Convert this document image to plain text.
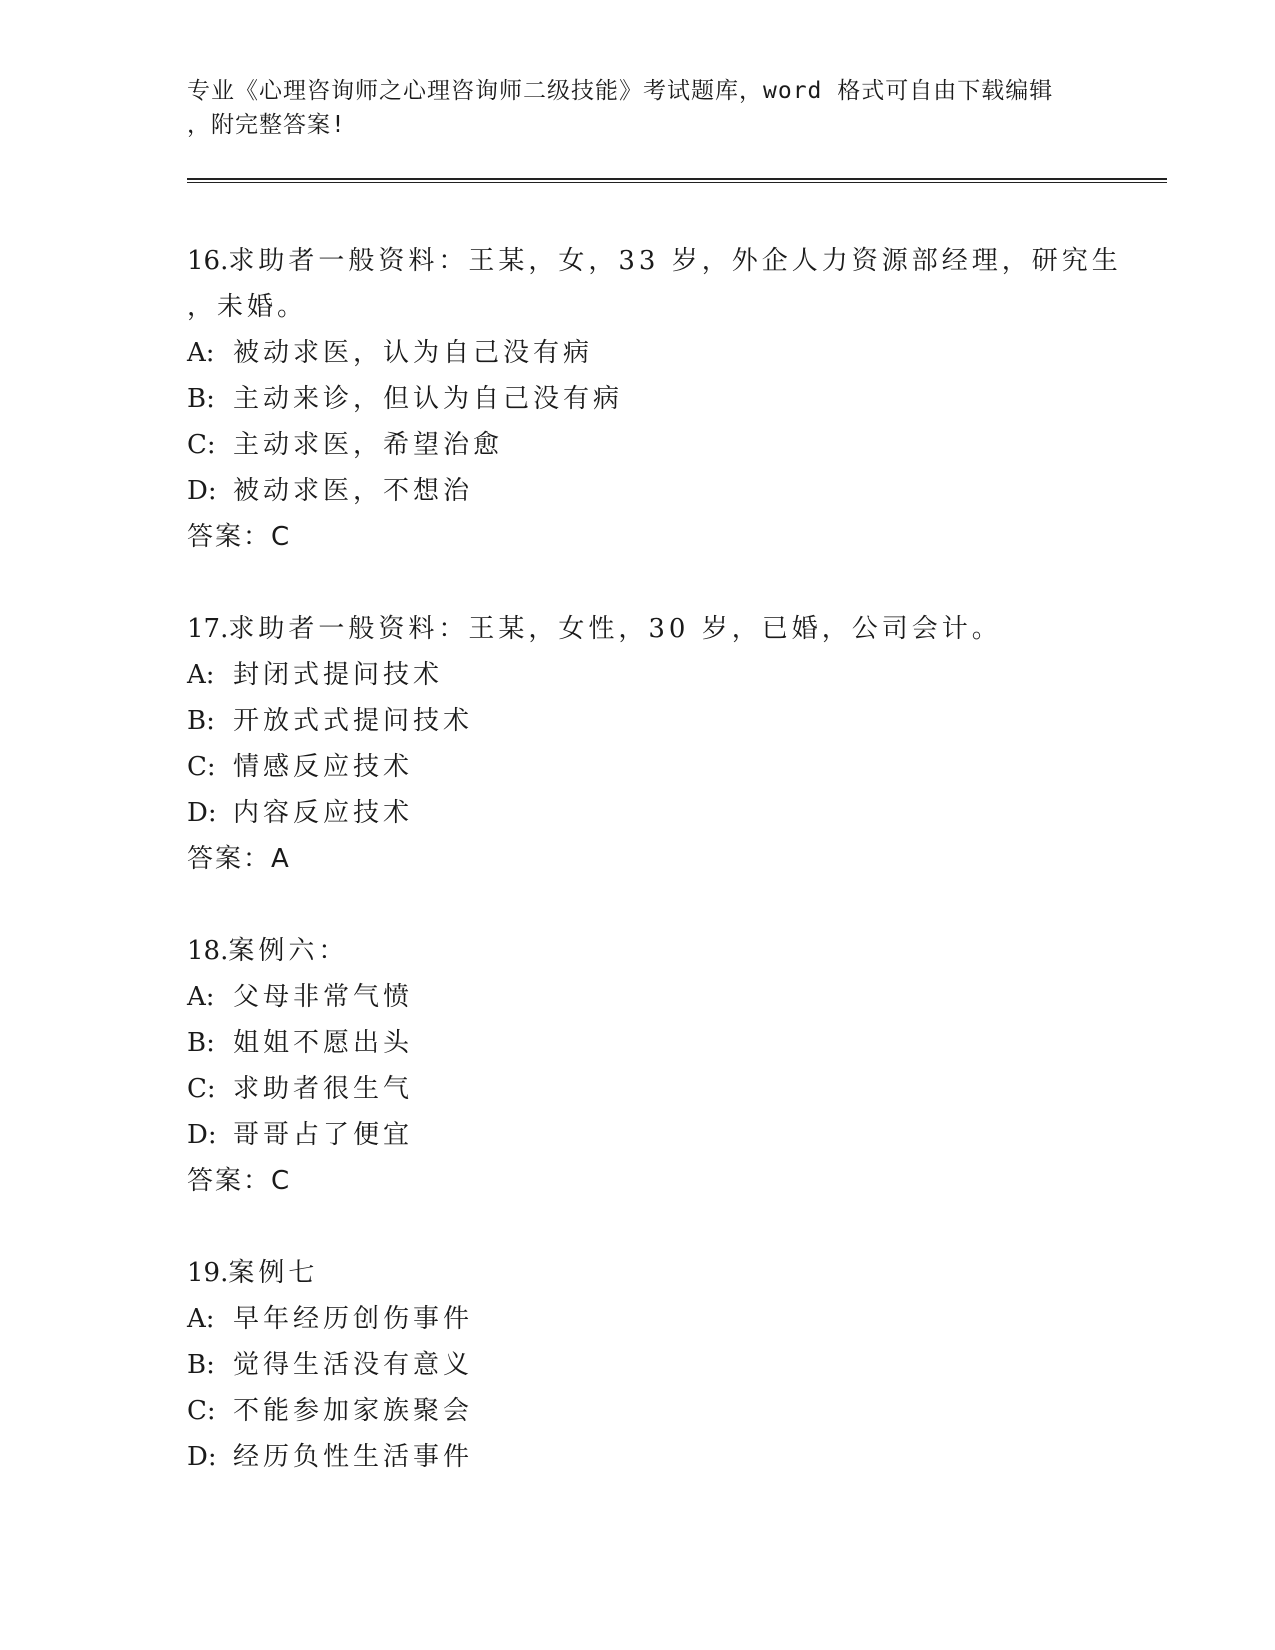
专业《心理咨询师之心理咨询师二级技能》考试题库，word 格式可自由下载编辑
，附完整答案!
16.求助者一般资料：王某，女，33 岁，外企人力资源部经理，研究生
，未婚。
A: 被动求医，认为自己没有病
B: 主动来诊，但认为自己没有病
C: 主动求医，希望治愈
D: 被动求医，不想治
答案：C
17.求助者一般资料：王某，女性，30 岁，已婚，公司会计。
A: 封闭式提问技术
B: 开放式式提问技术
C: 情感反应技术
D: 内容反应技术
答案：A
18.案例六：
A: 父母非常气愤
B: 姐姐不愿出头
C: 求助者很生气
D: 哥哥占了便宜
答案：C
19.案例七
A: 早年经历创伤事件
B: 觉得生活没有意义
C: 不能参加家族聚会
D: 经历负性生活事件
